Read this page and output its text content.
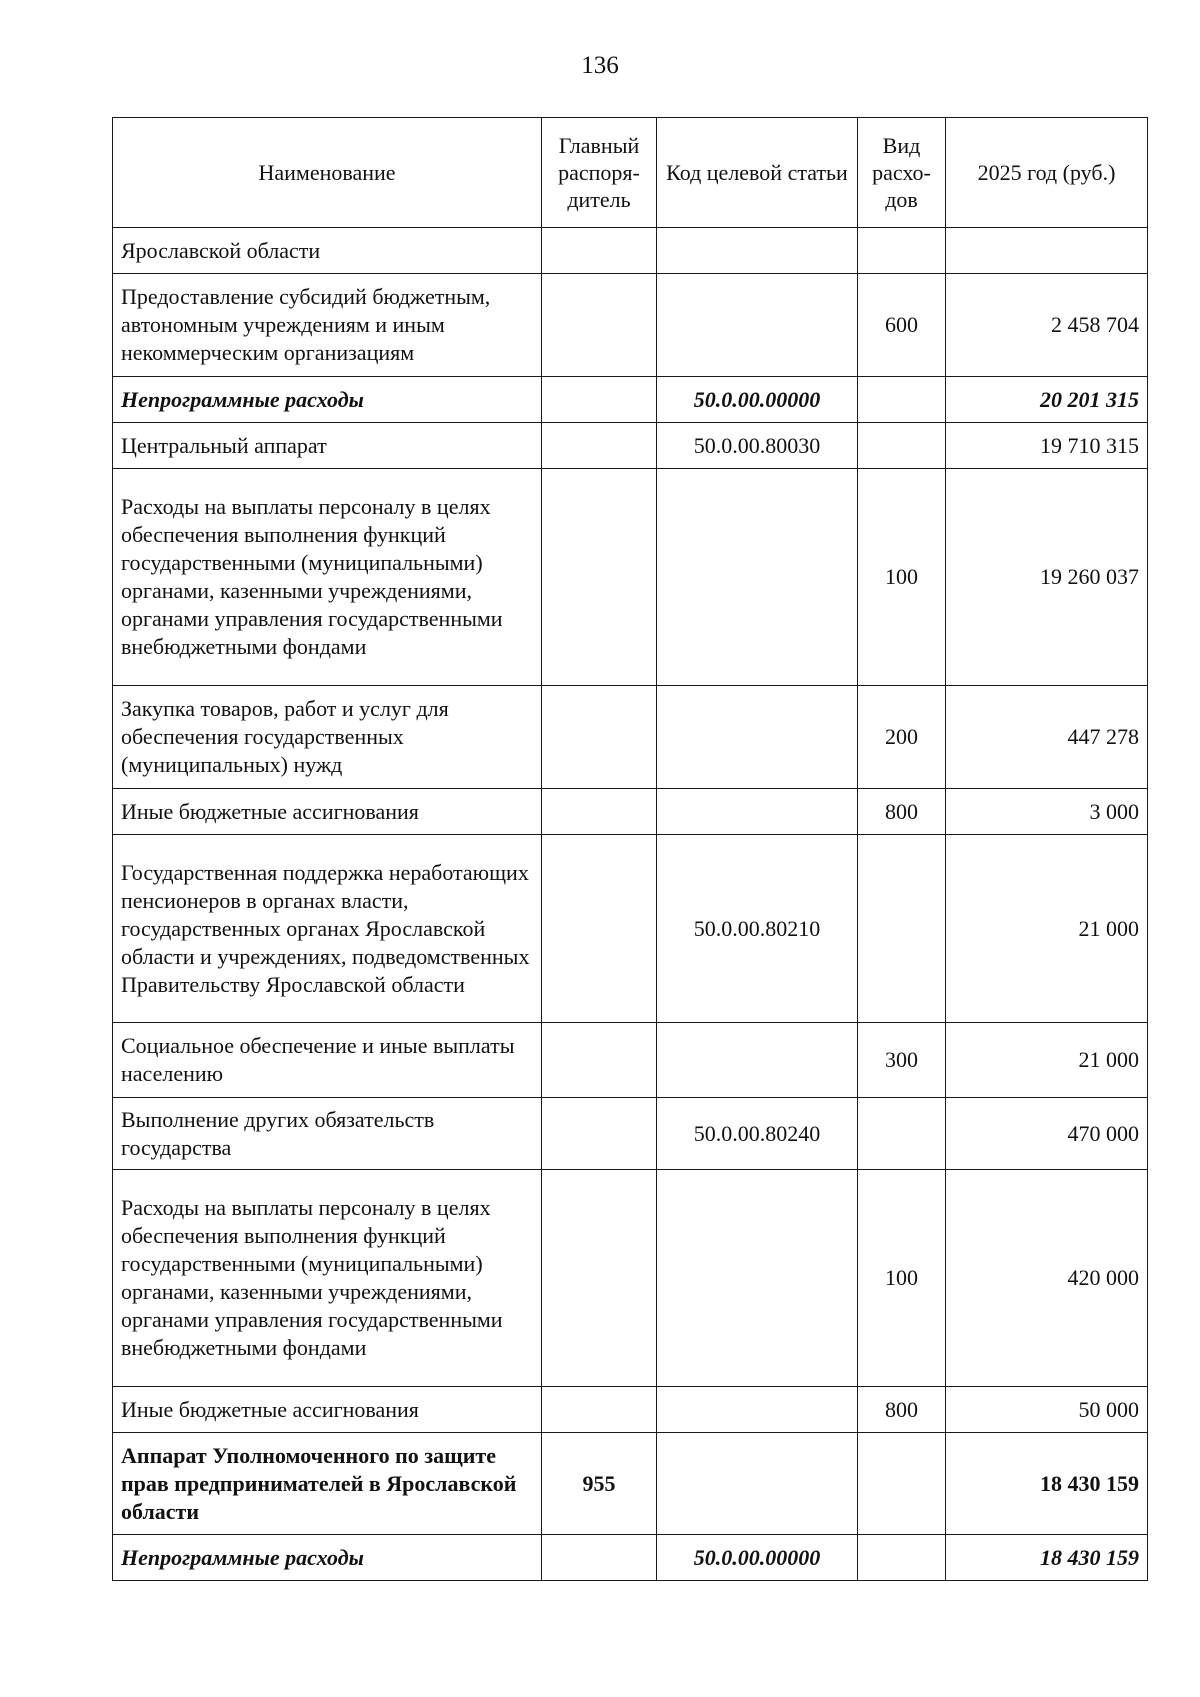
136
Наименование	Главный распоря-дитель	Код целевой статьи	Вид расхо-дов	2025 год (руб.)
Ярославской области				
Предоставление субсидий бюджетным, автономным учреждениям и иным некоммерческим организациям			600	2 458 704
Непрограммные расходы		50.0.00.00000		20 201 315
Центральный аппарат		50.0.00.80030		19 710 315
Расходы на выплаты персоналу в целях обеспечения выполнения функций государственными (муниципальными) органами, казенными учреждениями, органами управления государственными внебюджетными фондами			100	19 260 037
Закупка товаров, работ и услуг для обеспечения государственных (муниципальных) нужд			200	447 278
Иные бюджетные ассигнования			800	3 000
Государственная поддержка неработающих пенсионеров в органах власти, государственных органах Ярославской области и учреждениях, подведомственных Правительству Ярославской области		50.0.00.80210		21 000
Социальное обеспечение и иные выплаты населению			300	21 000
Выполнение других обязательств государства		50.0.00.80240		470 000
Расходы на выплаты персоналу в целях обеспечения выполнения функций государственными (муниципальными) органами, казенными учреждениями, органами управления государственными внебюджетными фондами			100	420 000
Иные бюджетные ассигнования			800	50 000
Аппарат Уполномоченного по защите прав предпринимателей в Ярославской области	955			18 430 159
Непрограммные расходы		50.0.00.00000		18 430 159
